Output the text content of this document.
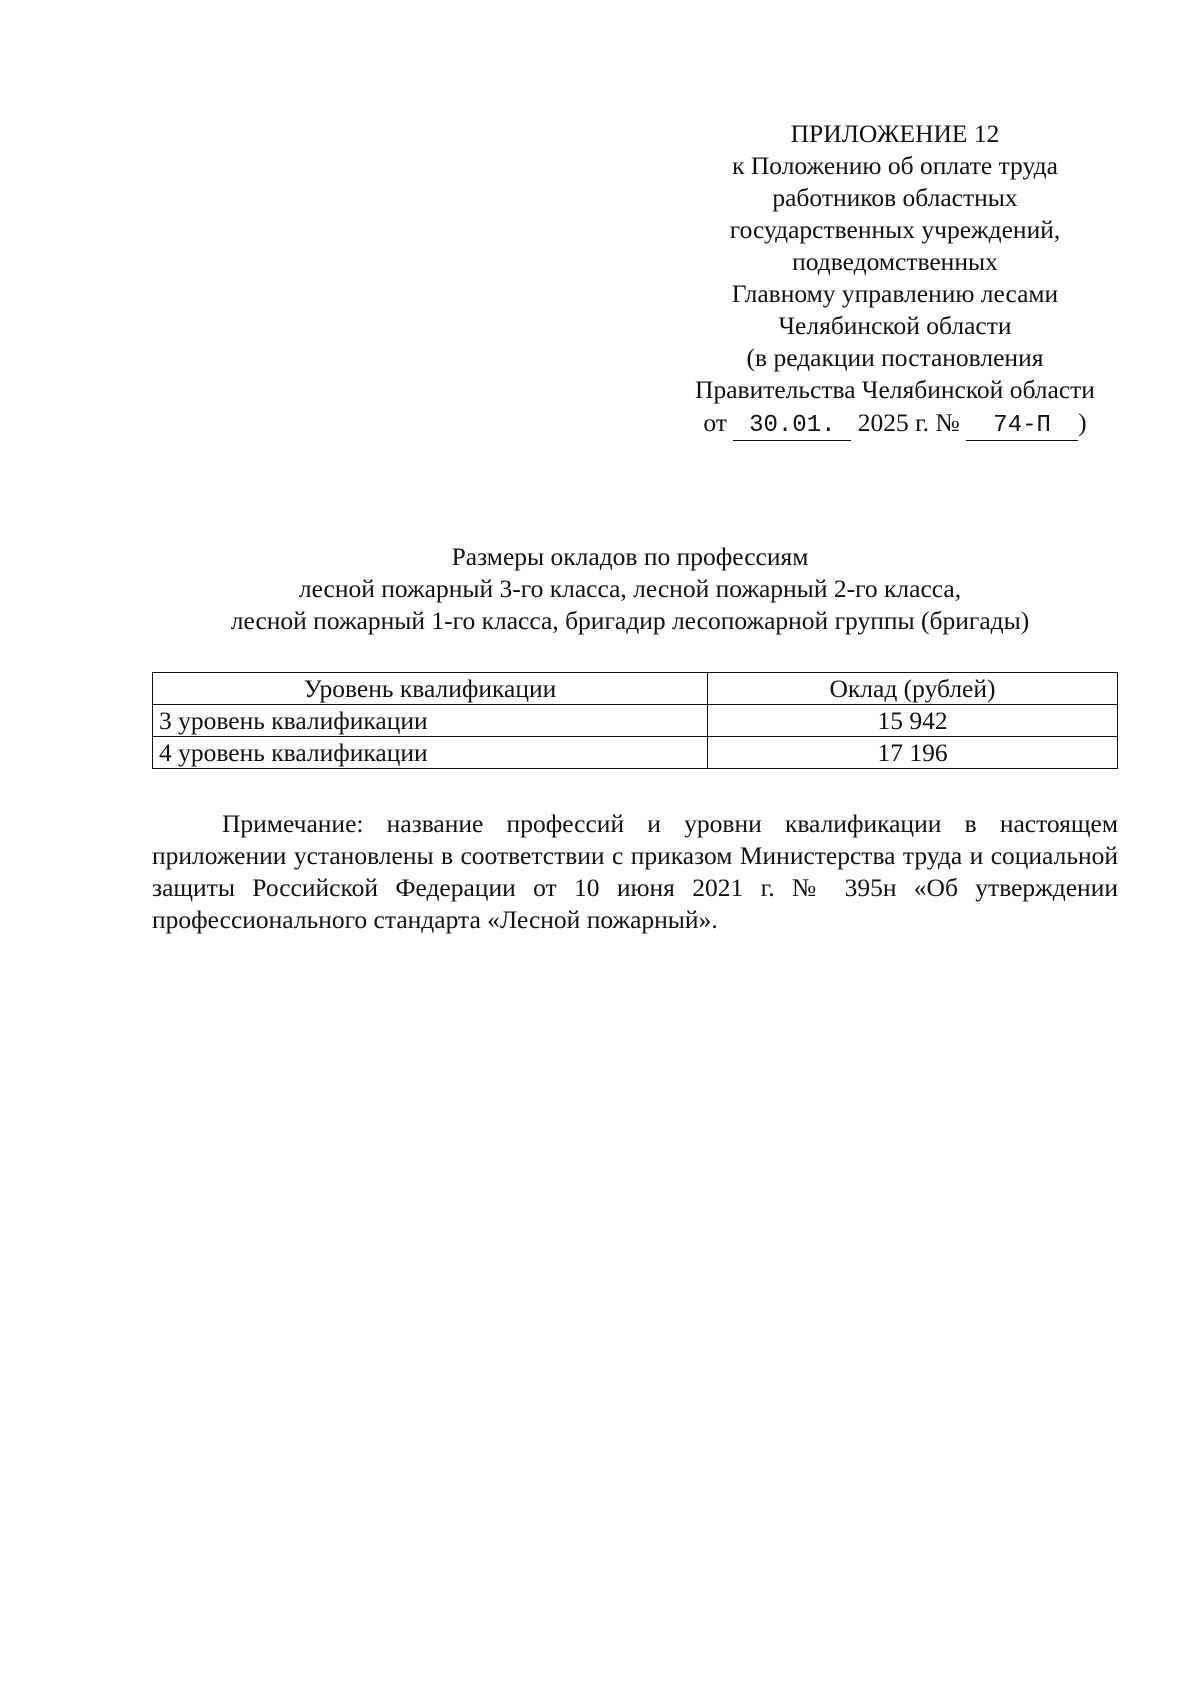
ПРИЛОЖЕНИЕ 12
к Положению об оплате труда
работников областных
государственных учреждений,
подведомственных
Главному управлению лесами
Челябинской области
(в редакции постановления
Правительства Челябинской области
от 30.01. 2025 г. № 74-П )
Размеры окладов по профессиям
лесной пожарный 3-го класса, лесной пожарный 2-го класса,
лесной пожарный 1-го класса, бригадир лесопожарной группы (бригады)
Уровень квалификации	Оклад (рублей)
3 уровень квалификации	15 942
4 уровень квалификации	17 196
Примечание: название профессий и уровни квалификации в настоящем приложении установлены в соответствии с приказом Министерства труда и социальной защиты Российской Федерации от 10 июня 2021 г. № 395н «Об утверждении профессионального стандарта «Лесной пожарный».
